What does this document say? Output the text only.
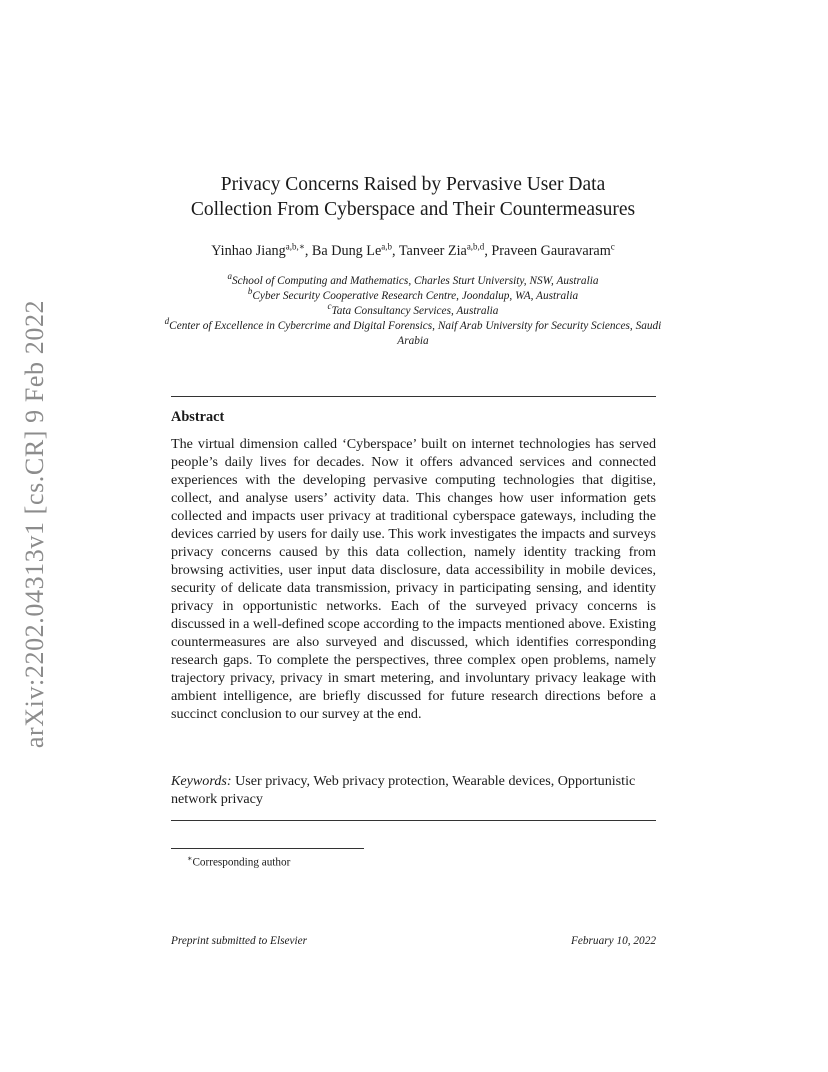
arXiv:2202.04313v1 [cs.CR] 9 Feb 2022
Privacy Concerns Raised by Pervasive User Data
Collection From Cyberspace and Their Countermeasures
Yinhao Jiang$^{a,b,∗}$, Ba Dung Le$^{a,b}$, Tanveer Zia$^{a,b,d}$, Praveen Gauravaram$^c$
$^a$School of Computing and Mathematics, Charles Sturt University, NSW, Australia
$^b$Cyber Security Cooperative Research Centre, Joondalup, WA, Australia
$^c$Tata Consultancy Services, Australia
$^d$Center of Excellence in Cybercrime and Digital Forensics, Naif Arab University for Security Sciences, Saudi Arabia
Abstract
The virtual dimension called ‘Cyberspace’ built on internet technologies has served people’s daily lives for decades. Now it offers advanced services and connected experiences with the developing pervasive computing technologies that digitise, collect, and analyse users’ activity data. This changes how user information gets collected and impacts user privacy at traditional cyberspace gateways, including the devices carried by users for daily use. This work investigates the impacts and surveys privacy concerns caused by this data collection, namely identity tracking from browsing activities, user input data disclosure, data accessibility in mobile devices, security of delicate data transmission, privacy in participating sensing, and identity privacy in opportunistic networks. Each of the surveyed privacy concerns is discussed in a well-defined scope according to the impacts mentioned above. Existing countermeasures are also surveyed and discussed, which identifies corresponding research gaps. To complete the perspectives, three complex open problems, namely trajectory privacy, privacy in smart metering, and involuntary privacy leakage with ambient intelligence, are briefly discussed for future research directions before a succinct conclusion to our survey at the end.
Keywords: User privacy, Web privacy protection, Wearable devices, Opportunistic network privacy
∗Corresponding author
Preprint submitted to Elsevier	February 10, 2022
